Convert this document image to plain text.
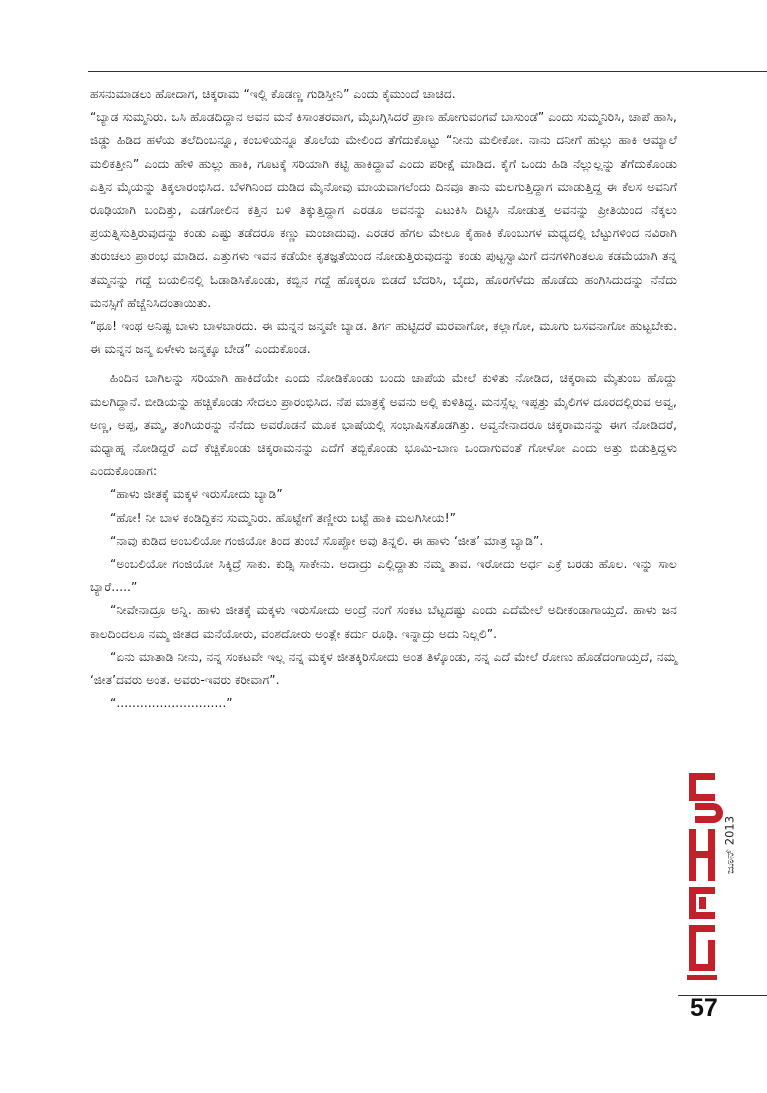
ಹಸನುಮಾಡಲು ಹೋದಾಗ, ಚಿಕ್ಕರಾಮ “ಇಲ್ಲಿ ಕೊಡಣ್ಣ ಗುಡಿಸ್ತೀನಿ” ಎಂದು ಕೈಮುಂದೆ ಚಾಚಿದ.

“ಬ್ಯಾಡ ಸುಮ್ಮನಿರು. ಒಸಿ ಹೊಡದಿದ್ದಾನ ಅವನ ಮನೆ ಕಿಸಾಂತರವಾಗ, ಮೈಬಗ್ಗಿಸಿದರೆ ಪ್ರಾಣ ಹೋಗುವಂಗವೆ ಬಾಸುಂಡೆ” ಎಂದು ಸುಮ್ಮನಿರಿಸಿ, ಚಾಪೆ ಹಾಸಿ, ಜಿಡ್ಡು ಹಿಡಿದ ಹಳೆಯ ತಲೆದಿಂಬನ್ನೂ, ಕಂಬಳಿಯನ್ನೂ ತೊಲೆಯ ಮೇಲಿಂದ ತೆಗೆದುಕೊಟ್ಟು “ನೀನು ಮಲೀಕೋ. ನಾನು ದನೀಗೆ ಹುಲ್ಲು ಹಾಕಿ ಆಮ್ಯಾಲೆ ಮಲಿಕತ್ತೀನಿ” ಎಂದು ಹೇಳಿ ಹುಲ್ಲು ಹಾಕಿ, ಗೂಟಕ್ಕೆ ಸರಿಯಾಗಿ ಕಟ್ಟಿ ಹಾಕಿದ್ದಾವೆ ಎಂದು ಪರೀಕ್ಷೆ ಮಾಡಿದ. ಕೈಗೆ ಒಂದು ಹಿಡಿ ನೆಲ್ಲುಲ್ಲನ್ನು ತೆಗೆದುಕೊಂಡು ಎತ್ತಿನ ಮೈಯನ್ನು ತಿಕ್ಕಲಾರಂಭಿಸಿದ. ಬೆಳಗಿನಿಂದ ದುಡಿದ ಮೈನೋವು ಮಾಯವಾಗಲೆಂದು ದಿನವೂ ತಾನು ಮಲಗುತ್ತಿದ್ದಾಗ ಮಾಡುತ್ತಿದ್ದ ಈ ಕೆಲಸ ಅವನಿಗೆ ರೂಢಿಯಾಗಿ ಬಂದಿತ್ತು, ಎಡಗೋಲಿನ ಕತ್ತಿನ ಬಳಿ ತಿಕ್ಕುತ್ತಿದ್ದಾಗ ಎರಡೂ ಅವನನ್ನು ಎಟುಕಿಸಿ ದಿಟ್ಟಿಸಿ ನೋಡುತ್ತ ಅವನನ್ನು ಪ್ರೀತಿಯಿಂದ ನೆಕ್ಕಲು ಪ್ರಯತ್ನಿಸುತ್ತಿರುವುದನ್ನು ಕಂಡು ಎಷ್ಟು ತಡೆದರೂ ಕಣ್ಣು ಮಂಜಾದುವು. ಎರಡರ ಹೆಗಲ ಮೇಲೂ ಕೈಹಾಕಿ ಕೊಂಬುಗಳ ಮಧ್ಯದಲ್ಲಿ ಬೆಟ್ಟುಗಳಿಂದ ನವಿರಾಗಿ ತುರುಚಲು ಪ್ರಾರಂಭ ಮಾಡಿದ. ಎತ್ತುಗಳು ಇವನ ಕಡೆಯೇ ಕೃತಜ್ಞತೆಯಿಂದ ನೋಡುತ್ತಿರುವುದನ್ನು ಕಂಡು ಪುಟ್ಟಸ್ವಾಮಿಗೆ ದನಗಳಿಗಿಂತಲೂ ಕಡಮೆಯಾಗಿ ತನ್ನ ತಮ್ಮನನ್ನು ಗದ್ದೆ ಬಯಲಿನಲ್ಲಿ ಓಡಾಡಿಸಿಕೊಂಡು, ಕಬ್ಬಿನ ಗದ್ದೆ ಹೊಕ್ಕರೂ ಬಿಡದೆ ಬೆದರಿಸಿ, ಬೈದು, ಹೊರಗೆಳೆದು ಹೊಡೆದು ಹಂಗಿಸಿದುದನ್ನು ನೆನೆದು ಮನಸ್ಸಿಗೆ ಹೆಚ್ಚೆನಿಸಿದಂತಾಯಿತು.

“ಥೂ! ಇಂಥ ಅನಿಷ್ಟ ಬಾಳು ಬಾಳಬಾರದು. ಈ ಮನ್ನನ ಜನ್ಮವೇ ಬ್ಯಾಡ. ತಿರ್ಗ ಹುಟ್ಟಿದರೆ ಮರವಾಗೋ, ಕಲ್ಲಾಗೋ, ಮೂಗು ಬಸವನಾಗೋ ಹುಟ್ಟಬೇಕು. ಈ ಮನ್ನನ ಜನ್ಮ ಏಳೇಳು ಜನ್ಮಕ್ಕೂ ಬೇಡ” ಎಂದುಕೊಂಡ.

ಹಿಂದಿನ ಬಾಗಿಲನ್ನು ಸರಿಯಾಗಿ ಹಾಕಿದೆಯೇ ಎಂದು ನೋಡಿಕೊಂಡು ಬಂದು ಚಾಪೆಯ ಮೇಲೆ ಕುಳಿತು ನೋಡಿದ, ಚಿಕ್ಕರಾಮ ಮೈತುಂಬ ಹೊದ್ದು ಮಲಗಿದ್ದಾನೆ. ಬೀಡಿಯನ್ನು ಹಚ್ಚಿಕೊಂಡು ಸೇದಲು ಪ್ರಾರಂಭಿಸಿದ. ನೆಪ ಮಾತ್ರಕ್ಕೆ ಅವನು ಅಲ್ಲಿ ಕುಳಿತಿದ್ದ. ಮನಸ್ಸೆಲ್ಲ ಇಪ್ಪತ್ತು ಮೈಲಿಗಳ ದೂರದಲ್ಲಿರುವ ಅವ್ವ, ಅಣ್ಣ, ಅಪ್ಪ, ತಮ್ಮ, ತಂಗಿಯರನ್ನು ನೆನೆದು ಅವರೊಡನೆ ಮೂಕ ಭಾಷೆಯಲ್ಲಿ ಸಂಭಾಷಿಸತೊಡಗಿತ್ತು. ಅವ್ವನೇನಾದರೂ ಚಿಕ್ಕರಾಮನನ್ನು ಈಗ ನೋಡಿದರೆ, ಮಧ್ಯಾಹ್ನ ನೋಡಿದ್ದರೆ ಎದೆ ಕೆಚ್ಚಿಕೊಂಡು ಚಿಕ್ಕರಾಮನನ್ನು ಎದೆಗೆ ತಬ್ಬಿಕೊಂಡು ಭೂಮಿ-ಬಾಣ ಒಂದಾಗುವಂತೆ ಗೋಳೋ ಎಂದು ಅತ್ತು ಬಿಡುತ್ತಿದ್ದಳು ಎಂದುಕೊಂಡಾಗ:

“ಹಾಳು ಜೀತಕ್ಕೆ ಮಕ್ಕಳ ಇರುಸೋದು ಬ್ಯಾಡಿ”

“ಹೋ! ನೀ ಬಾಳ ಕಂಡಿದ್ದಿಕನ ಸುಮ್ಮನಿರು. ಹೊಟ್ಟೇಗೆ ತಣ್ಣೀರು ಬಟ್ಟೆ ಹಾಕಿ ಮಲಗಿಸೀಯ!”

“ನಾವು ಕುಡಿದ ಅಂಬಲಿಯೋ ಗಂಜಿಯೋ ತಿಂದ ತುಂಬೆ ಸೊಪ್ಪೋ ಅವು ತಿನ್ನಲಿ. ಈ ಹಾಳು ‘ಜೀತ’ ಮಾತ್ರ ಬ್ಯಾಡಿ”.

“ಅಂಬಲಿಯೋ ಗಂಜಿಯೋ ಸಿಕ್ಕಿದ್ರೆ ಸಾಕು. ಕುಡ್ಸಿ ಸಾಕೇನು. ಅದಾದ್ರು ಎಲ್ಲಿದ್ದಾತು ನಮ್ಮ ತಾವ. ಇರೋದು ಅರ್ಧ ಎಕ್ರೆ ಬರಡು ಹೊಲ. ಇನ್ನು ಸಾಲ ಬ್ಯಾರೆ.....”

“ನೀವೇನಾದ್ರೂ ಅನ್ನಿ. ಹಾಳು ಜೀತಕ್ಕೆ ಮಕ್ಕಳು ಇರುಸೋದು ಅಂದ್ರೆ ನಂಗೆ ಸಂಕಟ ಬೆಟ್ಟದಷ್ಟು ಎಂದು ಎದೆಮೇಲೆ ಅದೀಕಂಡಾಗಾಯ್ತದೆ. ಹಾಳು ಜನ ಕಾಲದಿಂದಲೂ ನಮ್ಮ ಜೀತದ ಮನೆಯೋರು, ವಂಶದೋರು ಅಂತ್ಲೇ ಕರ್ದು ರೂಢಿ. ಇನ್ನಾದ್ರು ಅದು ನಿಲ್ಲಲಿ”.

“ಏನು ಮಾತಾಡಿ ನೀನು, ನನ್ನ ಸಂಕಟವೇ ಇಲ್ಲ ನನ್ನ ಮಕ್ಕಳ ಜೀತಕ್ಕಿರಿಸೋದು ಅಂತ ತಿಳ್ಕೊಂಡು, ನನ್ನ ಎದೆ ಮೇಲೆ ರೋಣು ಹೊಡೆದಂಗಾಯ್ತದೆ, ನಮ್ಮ ‘ಜೀತ’ದವರು ಅಂತ. ಅವರು-ಇವರು ಕರೀವಾಗ”.

“............................”

ಜೂನ್ 2013
57
